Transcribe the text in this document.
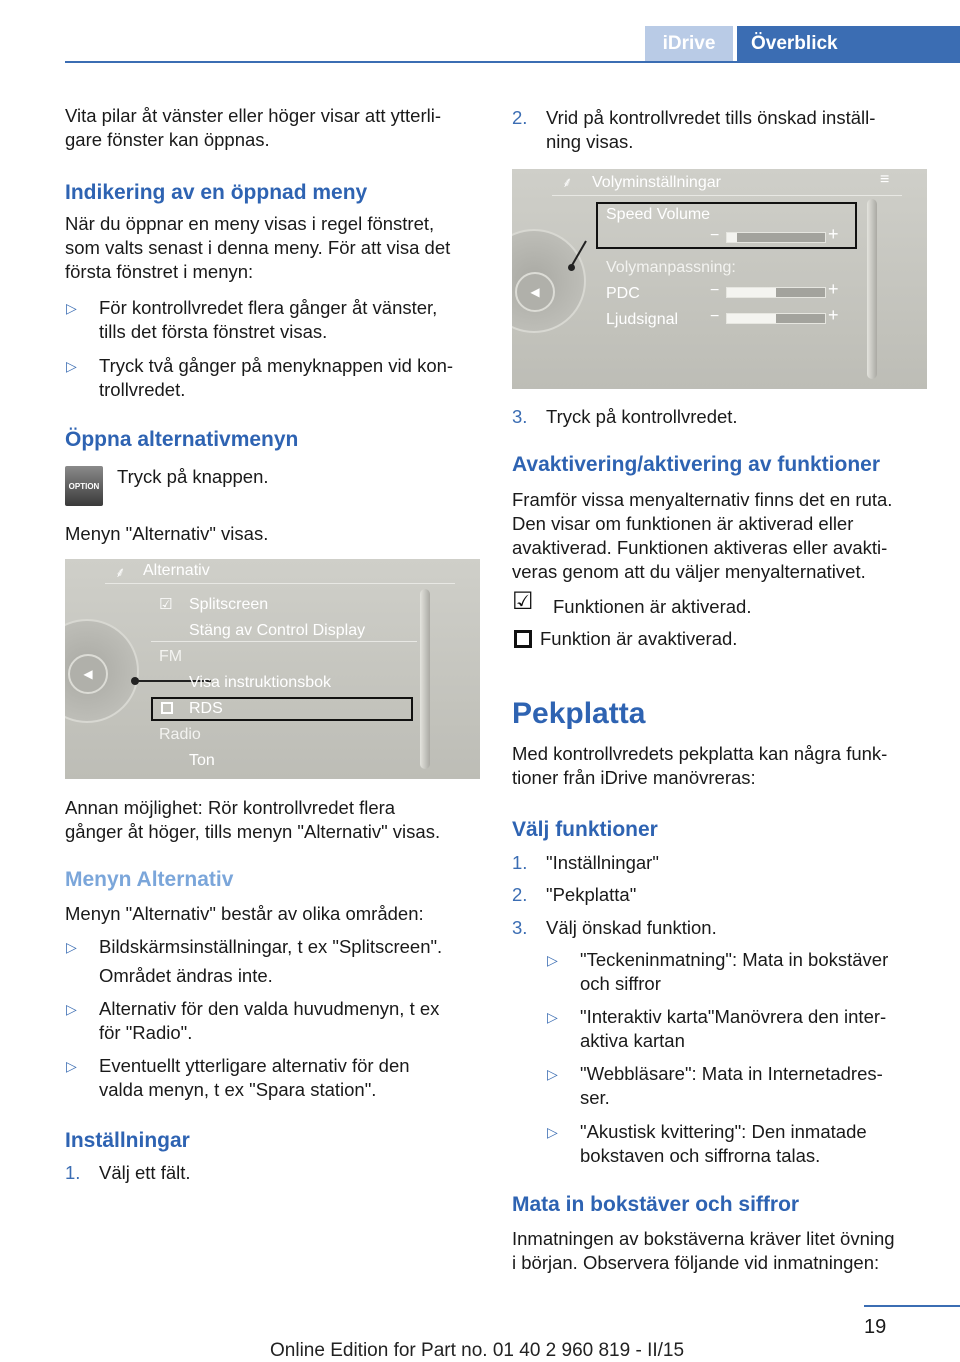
iDrive	Överblick
Vita pilar åt vänster eller höger visar att ytterli-
gare fönster kan öppnas.
Indikering av en öppnad meny
När du öppnar en meny visas i regel fönstret,
som valts senast i denna meny. För att visa det
första fönstret i menyn:
▷ För kontrollvredet flera gånger åt vänster,
tills det första fönstret visas.
▷ Tryck två gånger på menyknappen vid kon-
trollvredet.
Öppna alternativmenyn
OPTION Tryck på knappen.
Menyn "Alternativ" visas.
◀
⸙ Alternativ
☑ Splitscreen
Stäng av Control Display
FM
Visa instruktionsbok
RDS
Radio
Ton
Annan möjlighet: Rör kontrollvredet flera
gånger åt höger, tills menyn "Alternativ" visas.
Menyn Alternativ
Menyn "Alternativ" består av olika områden:
▷ Bildskärmsinställningar, t ex "Splitscreen".
Området ändras inte.
▷ Alternativ för den valda huvudmenyn, t ex
för "Radio".
▷ Eventuellt ytterligare alternativ för den
valda menyn, t ex "Spara station".
Inställningar
1. Välj ett fält.
2. Vrid på kontrollvredet tills önskad inställ-
ning visas.
◀
⸙ Volyminställningar	≡
Speed Volume
−	+
Volymanpassning:
PDC	−	+
Ljudsignal −	+
3. Tryck på kontrollvredet.
Avaktivering/aktivering av funktioner
Framför vissa menyalternativ finns det en ruta.
Den visar om funktionen är aktiverad eller
avaktiverad. Funktionen aktiveras eller avakti-
veras genom att du väljer menyalternativet.
☑ Funktionen är aktiverad.
Funktion är avaktiverad.
Pekplatta
Med kontrollvredets pekplatta kan några funk-
tioner från iDrive manövreras:
Välj funktioner
1. "Inställningar"
2. "Pekplatta"
3. Välj önskad funktion.
▷ "Teckeninmatning": Mata in bokstäver
och siffror
▷ "Interaktiv karta"Manövrera den inter-
aktiva kartan
▷ "Webbläsare": Mata in Internetadres-
ser.
▷ "Akustisk kvittering": Den inmatade
bokstaven och siffrorna talas.
Mata in bokstäver och siffror
Inmatningen av bokstäverna kräver litet övning
i början. Observera följande vid inmatningen:
19
Online Edition for Part no. 01 40 2 960 819 - II/15
